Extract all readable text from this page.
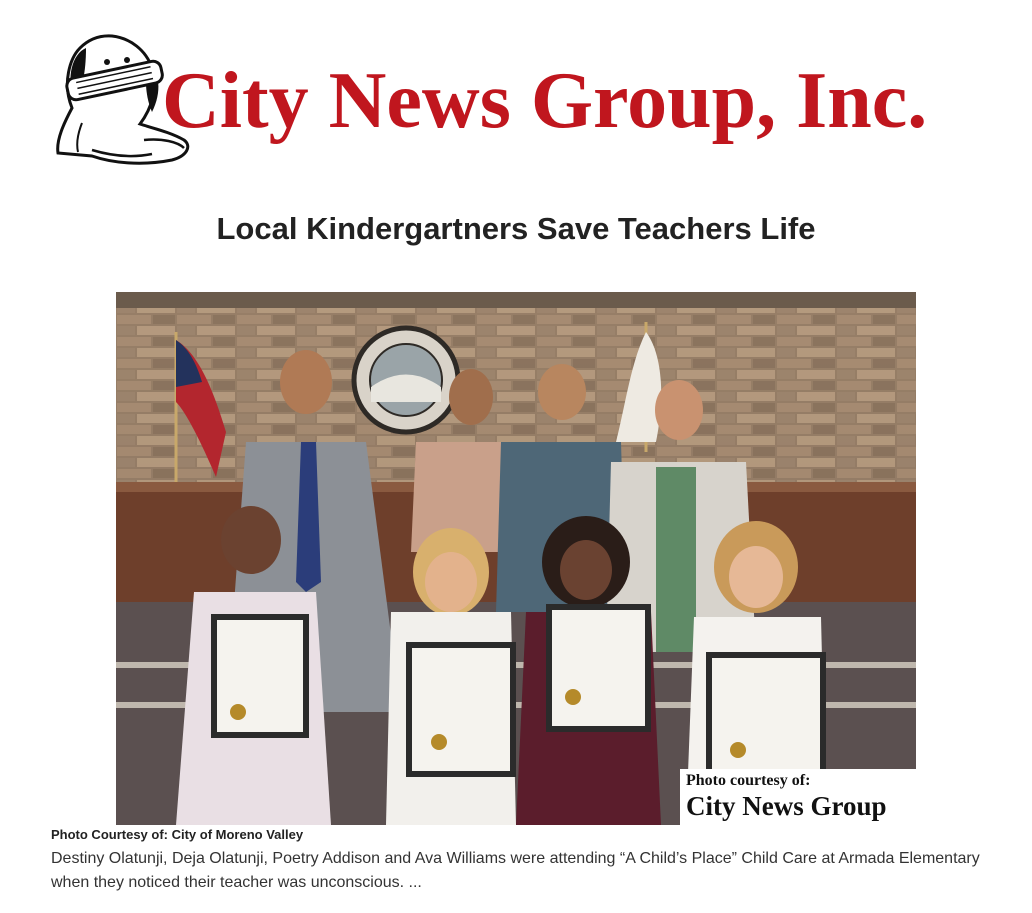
City News Group, Inc.
Local Kindergartners Save Teachers Life
Photo courtesy of:
City News Group
Photo Courtesy of: City of Moreno Valley

Destiny Olatunji, Deja Olatunji, Poetry Addison and Ava Williams were attending “A Child’s Place” Child Care at Armada Elementary when they noticed their teacher was unconscious. ...
